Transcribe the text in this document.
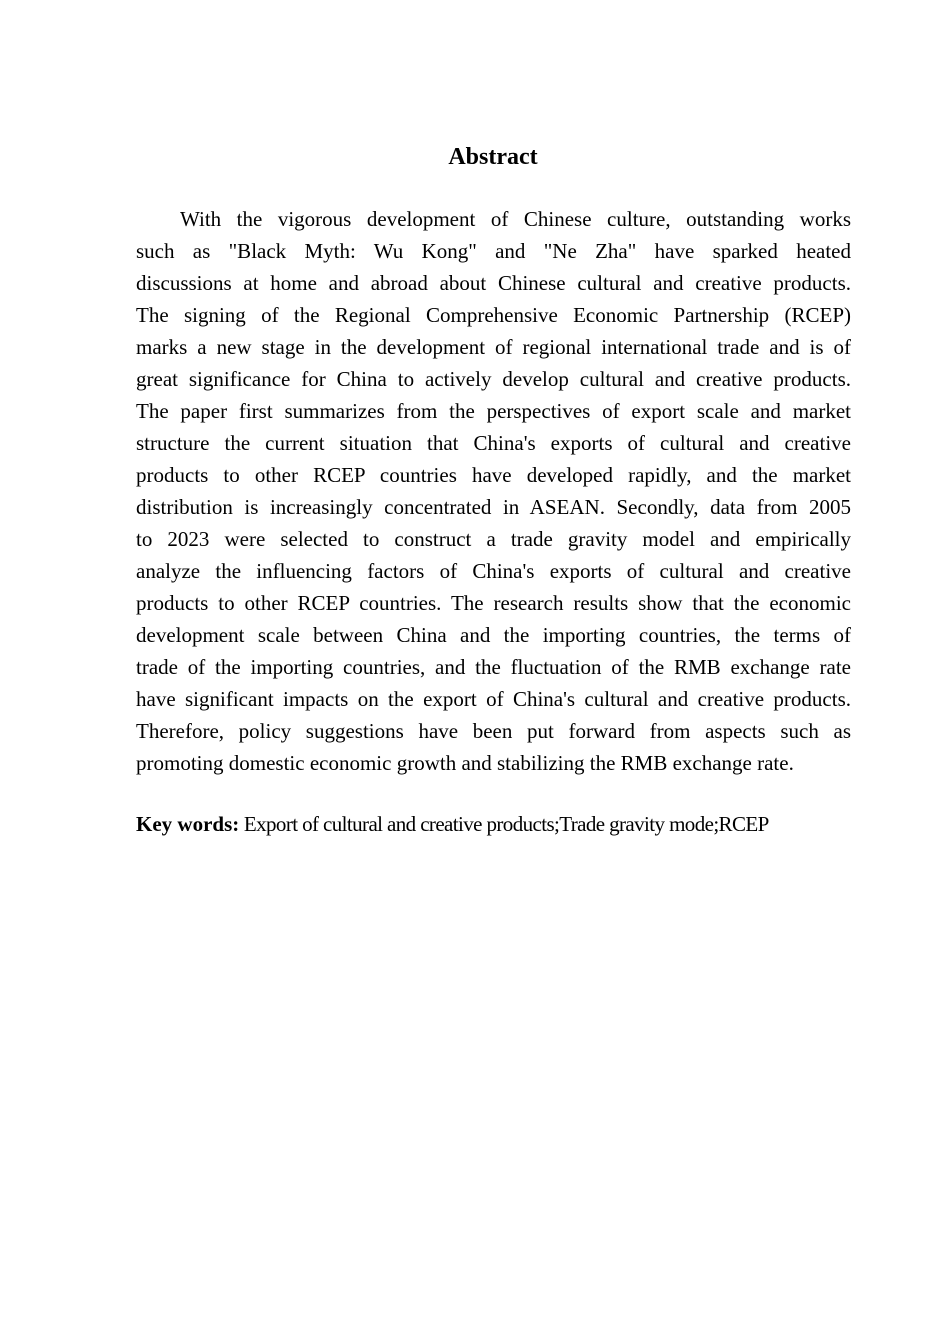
Abstract
With the vigorous development of Chinese culture, outstanding works
such as "Black Myth: Wu Kong" and "Ne Zha" have sparked heated
discussions at home and abroad about Chinese cultural and creative products.
The signing of the Regional Comprehensive Economic Partnership (RCEP)
marks a new stage in the development of regional international trade and is of
great significance for China to actively develop cultural and creative products.
The paper first summarizes from the perspectives of export scale and market
structure the current situation that China's exports of cultural and creative
products to other RCEP countries have developed rapidly, and the market
distribution is increasingly concentrated in ASEAN. Secondly, data from 2005
to 2023 were selected to construct a trade gravity model and empirically
analyze the influencing factors of China's exports of cultural and creative
products to other RCEP countries. The research results show that the economic
development scale between China and the importing countries, the terms of
trade of the importing countries, and the fluctuation of the RMB exchange rate
have significant impacts on the export of China's cultural and creative products.
Therefore, policy suggestions have been put forward from aspects such as
promoting domestic economic growth and stabilizing the RMB exchange rate.
Key words: Export of cultural and creative products;Trade gravity mode;RCEP
